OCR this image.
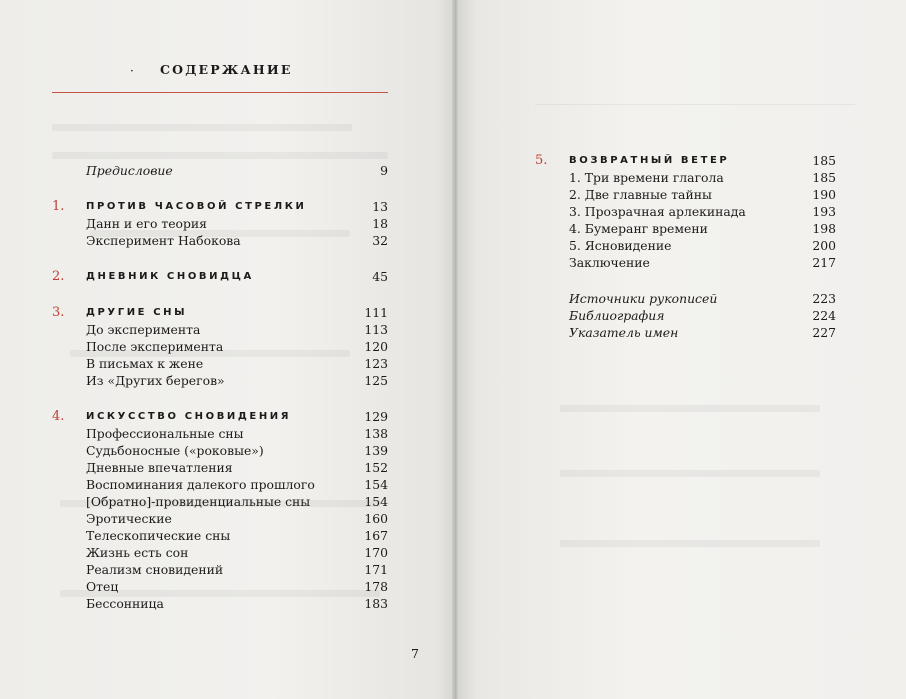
· СОДЕРЖАНИЕ
Предисловие	9
1. ПРОТИВ ЧАСОВОЙ СТРЕЛКИ	13
Данн и его теория	18
Эксперимент Набокова	32
2. ДНЕВНИК СНОВИДЦА	45
3. ДРУГИЕ СНЫ	111
До эксперимента	113
После эксперимента	120
В письмах к жене	123
Из «Других берегов»	125
4. ИСКУССТВО СНОВИДЕНИЯ	129
Профессиональные сны	138
Судьбоносные («роковые»)	139
Дневные впечатления	152
Воспоминания далекого прошлого	154
[Обратно]-провиденциальные сны	154
Эротические	160
Телескопические сны	167
Жизнь есть сон	170
Реализм сновидений	171
Отец	178
Бессонница	183
7
5. ВОЗВРАТНЫЙ ВЕТЕР	185
1. Три времени глагола	185
2. Две главные тайны	190
3. Прозрачная арлекинада	193
4. Бумеранг времени	198
5. Ясновидение	200
Заключение	217
Источники рукописей	223
Библиография	224
Указатель имен	227
